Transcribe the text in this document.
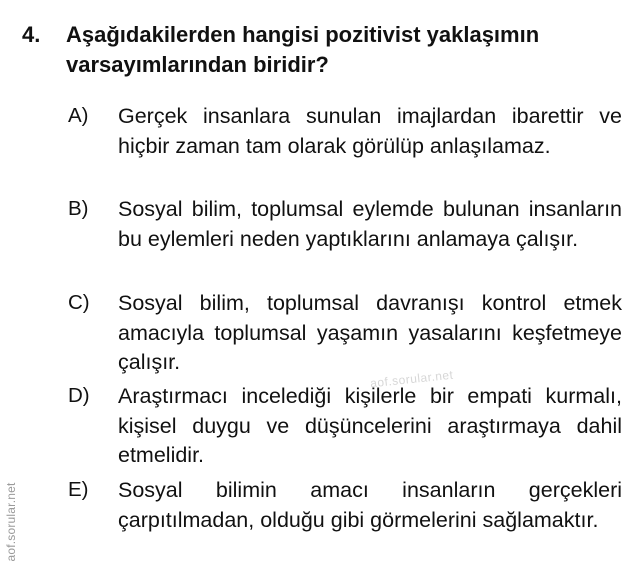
4. Aşağıdakilerden hangisi pozitivist yaklaşımın varsayımlarından biridir?

A) Gerçek insanlara sunulan imajlardan ibarettir ve hiçbir zaman tam olarak görülüp anlaşılamaz.

B) Sosyal bilim, toplumsal eylemde bulunan insanların bu eylemleri neden yaptıklarını anlamaya çalışır.

C) Sosyal bilim, toplumsal davranışı kontrol etmek amacıyla toplumsal yaşamın yasalarını keşfetmeye çalışır.

D) Araştırmacı incelediği kişilerle bir empati kurmalı, kişisel duygu ve düşüncelerini araştırmaya dahil etmelidir.

E) Sosyal bilimin amacı insanların gerçekleri çarpıtılmadan, olduğu gibi görmelerini sağlamaktır.

aof.sorular.net
aof.sorular.net
